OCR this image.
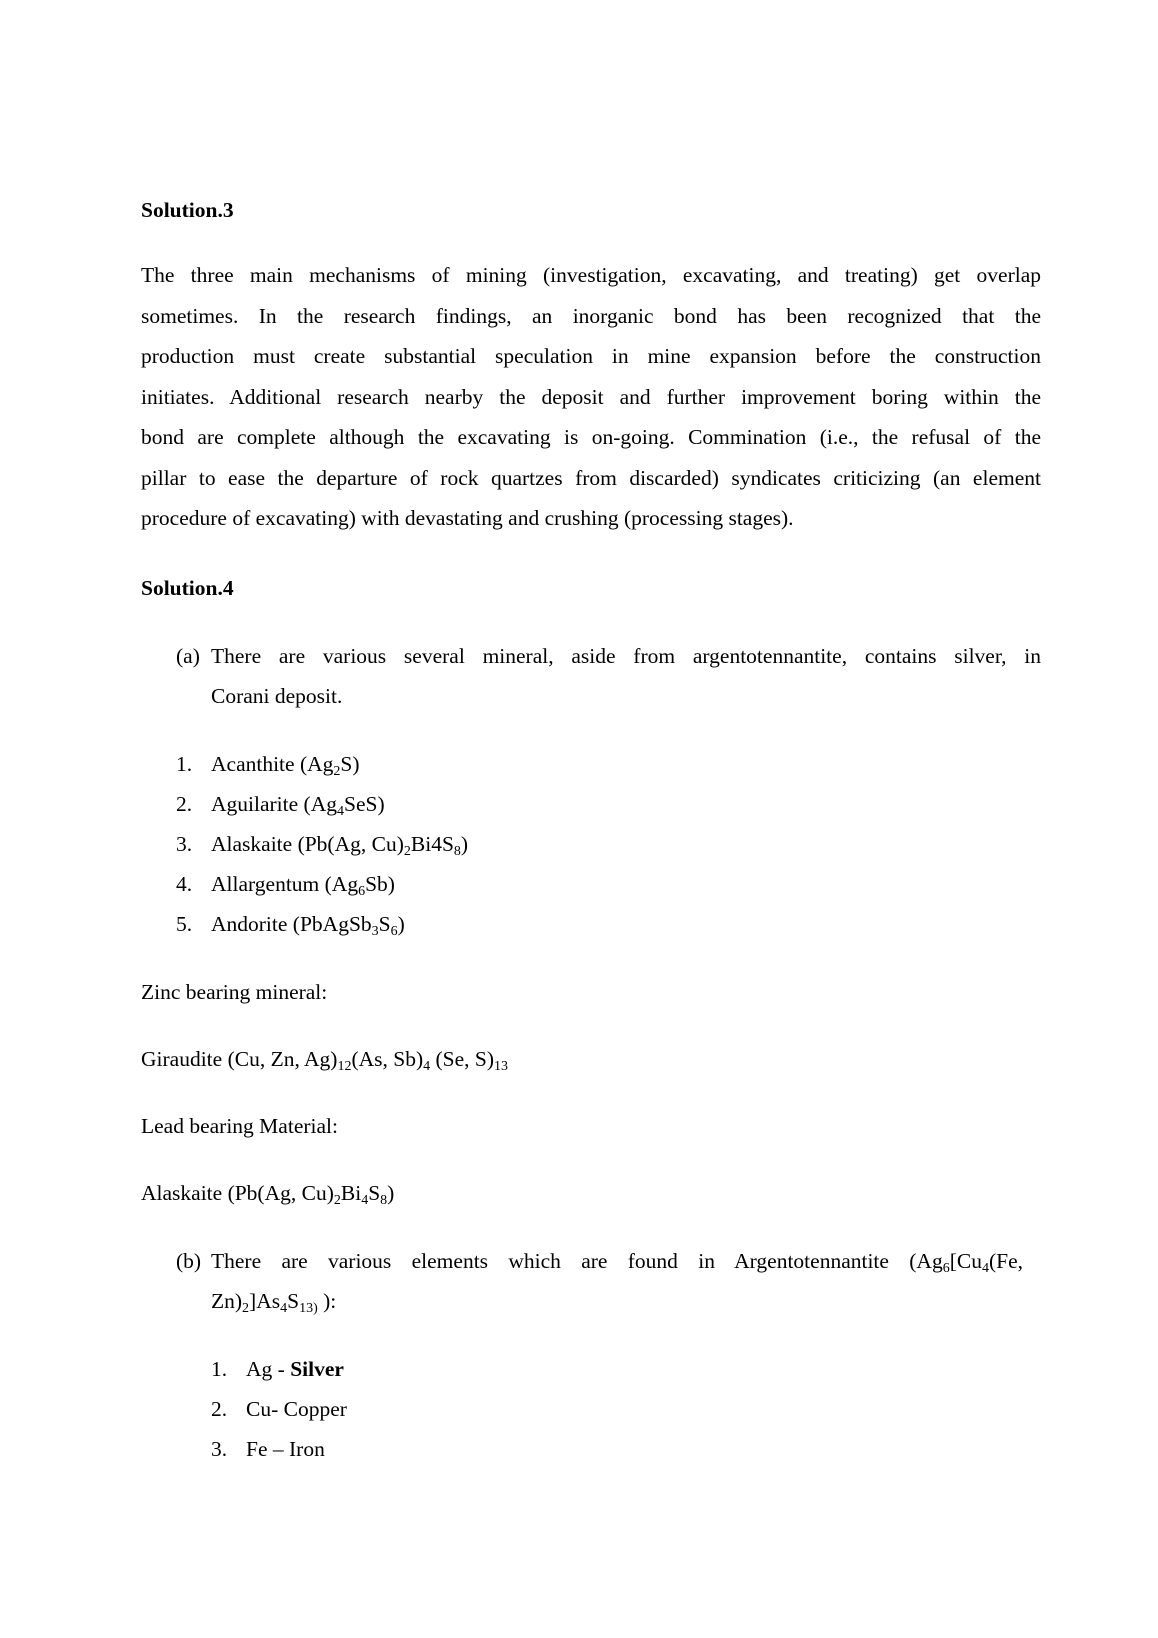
Solution.3
The three main mechanisms of mining (investigation, excavating, and treating) get overlap
sometimes. In the research findings, an inorganic bond has been recognized that the
production must create substantial speculation in mine expansion before the construction
initiates. Additional research nearby the deposit and further improvement boring within the
bond are complete although the excavating is on-going. Commination (i.e., the refusal of the
pillar to ease the departure of rock quartzes from discarded) syndicates criticizing (an element
procedure of excavating) with devastating and crushing (processing stages).
Solution.4
(a) There are various several mineral, aside from argentotennantite, contains silver, in
Corani deposit.
1. Acanthite $(Ag_2S)$
2. Aguilarite $(Ag_4SeS)$
3. Alaskaite (Pb(Ag, $Cu)_2Bi4S_8$)
4. Allargentum $(Ag_6Sb)$
5. Andorite $(PbAgSb_3S_6)$
Zinc bearing mineral:
Giraudite (Cu, Zn, $Ag)_{12}(As$, $Sb)_4$ (Se, $S)_{13}$
Lead bearing Material:
Alaskaite (Pb(Ag, $Cu)_2Bi_4S_8$)
(b) There are various elements which are found in Argentotennantite (Ag $_6[Cu_4(Fe$,
$Zn)_2]As_4S_{13)}$ ):
1. Ag - Silver
2. Cu- Copper
3. Fe – Iron
